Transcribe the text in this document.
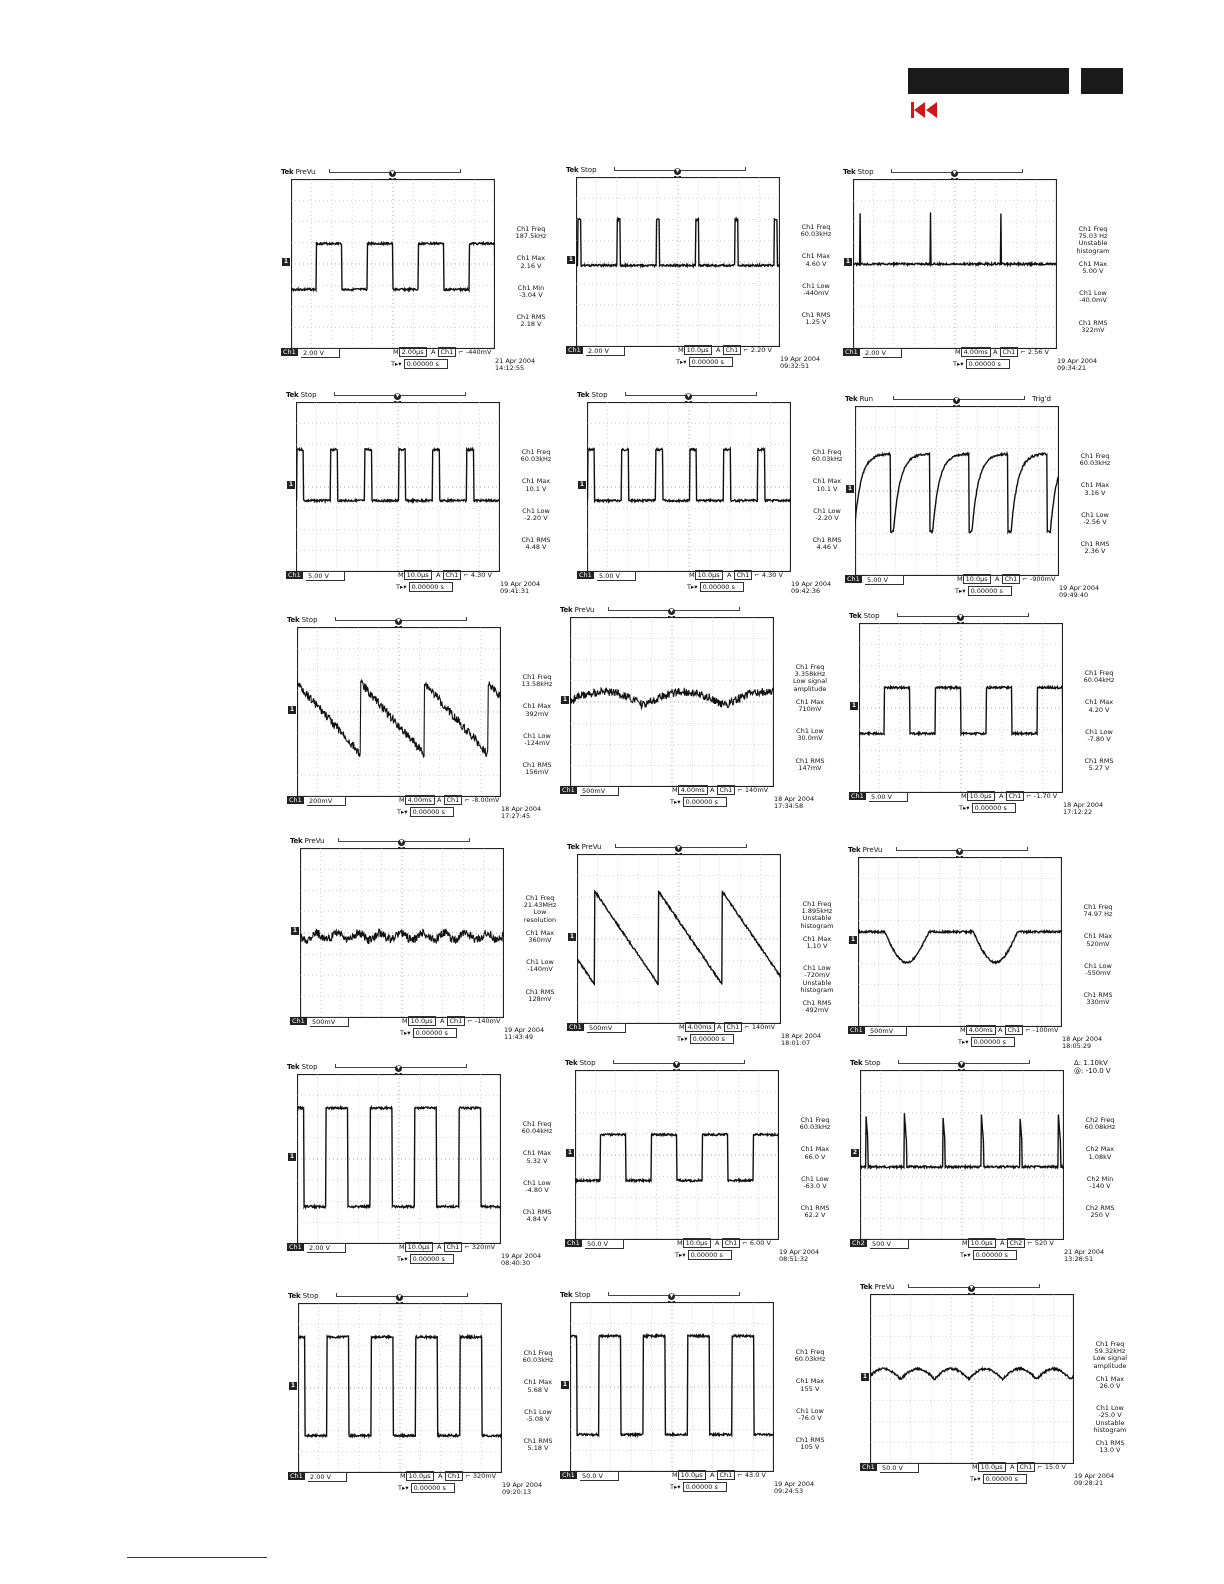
Tek PreVu	▼
1
Ch1 Freq
187.5kHz
Ch1 Max
2.16 V
Ch1 Min
-3.04 V
Ch1 RMS
2.18 V
Ch1	2.00 V	M 2.00µs	A Ch1 ⌐ -440mV
T▸▾ 0.00000 s	21 Apr 2004
14:12:55
Tek Stop	▼
1
Ch1 Freq
60.03kHz
Ch1 Max
4.60 V
Ch1 Low
-440mV
Ch1 RMS
1.25 V
Ch1	2.00 V	M 10.0µs	A Ch1 ⌐ 2.20 V
T▸▾ 0.00000 s	19 Apr 2004
09:32:51
Tek Stop	▼
1
Ch1 Freq
75.03 Hz
Unstable histogram
Ch1 Max
5.00 V
Ch1 Low
-40.0mV
Ch1 RMS
322mV
Ch1	2.00 V	M 4.00ms A Ch1 ⌐ 2.56 V
T▸▾ 0.00000 s	19 Apr 2004
09:34:21
Tek Stop	▼
1
Ch1 Freq
60.03kHz
Ch1 Max
10.1 V
Ch1 Low
-2.20 V
Ch1 RMS
4.48 V
Ch1	5.00 V	M 10.0µs	A Ch1 ⌐ 4.30 V
T▸▾ 0.00000 s	19 Apr 2004
09:41:31
Tek Stop	▼
1
Ch1 Freq
60.03kHz
Ch1 Max
10.1 V
Ch1 Low
-2.20 V
Ch1 RMS
4.46 V
Ch1	5.00 V	M 10.0µs	A Ch1 ⌐ 4.30 V
T▸▾ 0.00000 s	19 Apr 2004
09:42:36
Tek Run	Trig'd
▼
1
Ch1 Freq
60.03kHz
Ch1 Max
3.16 V
Ch1 Low
-2.56 V
Ch1 RMS
2.36 V
Ch1	5.00 V	M 10.0µs	A Ch1 ⌐ -900mV
T▸▾ 0.00000 s	19 Apr 2004
09:49:40
Tek Stop	▼
1
Ch1 Freq
13.58kHz
Ch1 Max
392mV
Ch1 Low
-124mV
Ch1 RMS
156mV
Ch1	200mV	M 4.00ms A Ch1 ⌐ -8.00mV
T▸▾ 0.00000 s	18 Apr 2004
17:27:45
Tek PreVu	▼
1
Ch1 Freq
3.358kHz
Low signal amplitude
Ch1 Max
710mV
Ch1 Low
30.0mV
Ch1 RMS
147mV
Ch1	500mV	M 4.00ms A Ch1 ⌐ 140mV
T▸▾ 0.00000 s	18 Apr 2004
17:34:58
Tek Stop	▼
1
Ch1 Freq
60.04kHz
Ch1 Max
4.20 V
Ch1 Low
-7.80 V
Ch1 RMS
5.27 V
Ch1	5.00 V	M 10.0µs	A Ch1 ⌐ -1.70 V
T▸▾ 0.00000 s	18 Apr 2004
17:12:22
Tek PreVu	▼
1
Ch1 Freq
21.43MHz
Low resolution
Ch1 Max
360mV
Ch1 Low
-140mV
Ch1 RMS
128mV
Ch1	500mV	M 10.0µs	A Ch1 ⌐ -140mV
T▸▾ 0.00000 s	19 Apr 2004
11:43:49
Tek PreVu	▼
1
Ch1 Freq
1.895kHz
Unstable histogram
Ch1 Max
1.10 V
Ch1 Low
-720mV
Unstable histogram
Ch1 RMS
492mV
Ch1	500mV	M 4.00ms A Ch1 ⌐ 140mV
T▸▾ 0.00000 s	18 Apr 2004
18:01:07
Tek PreVu	▼
1
Ch1 Freq
74.97 Hz
Ch1 Max
520mV
Ch1 Low
-550mV
Ch1 RMS
330mV
Ch1	500mV	M 4.00ms A Ch1 ⌐ -100mV
T▸▾ 0.00000 s	18 Apr 2004
18:05:29
Tek Stop	▼
1
Ch1 Freq
60.04kHz
Ch1 Max
5.32 V
Ch1 Low
-4.80 V
Ch1 RMS
4.84 V
Ch1	2.00 V	M 10.0µs	A Ch1 ⌐ 320mV
T▸▾ 0.00000 s	19 Apr 2004
08:40:30
Tek Stop	▼
1
Ch1 Freq
60.03kHz
Ch1 Max
66.0 V
Ch1 Low
-63.0 V
Ch1 RMS
62.2 V
Ch1	50.0 V	M 10.0µs	A Ch1 ⌐ 6.00 V
T▸▾ 0.00000 s	19 Apr 2004
08:51:32
Tek Stop	▼
2
Δ: 1.10kV
@: -10.0 V
Ch2 Freq
60.08kHz
Ch2 Max
1.08kV
Ch2 Min
-140 V
Ch2 RMS
250 V
Ch2	500 V	M 10.0µs	A Ch2 ⌐ 520 V
T▸▾ 0.00000 s	21 Apr 2004
13:28:51
Tek Stop	▼
1
Ch1 Freq
60.03kHz
Ch1 Max
5.68 V
Ch1 Low
-5.08 V
Ch1 RMS
5.18 V
Ch1	2.00 V	M 10.0µs	A Ch1 ⌐ 320mV
T▸▾ 0.00000 s	19 Apr 2004
09:20:13
Tek Stop	▼
1
Ch1 Freq
60.03kHz
Ch1 Max
155 V
Ch1 Low
-76.0 V
Ch1 RMS
105 V
Ch1	50.0 V	M 10.0µs	A Ch1 ⌐ 43.0 V
T▸▾ 0.00000 s	19 Apr 2004
09:24:53
Tek PreVu	▼
1
Ch1 Freq
59.32kHz
Low signal amplitude
Ch1 Max
26.0 V
Ch1 Low
-25.0 V
Unstable histogram
Ch1 RMS
13.0 V
Ch1	50.0 V	M 10.0µs	A Ch1 ⌐ 15.0 V
T▸▾ 0.00000 s	19 Apr 2004
09:28:21
